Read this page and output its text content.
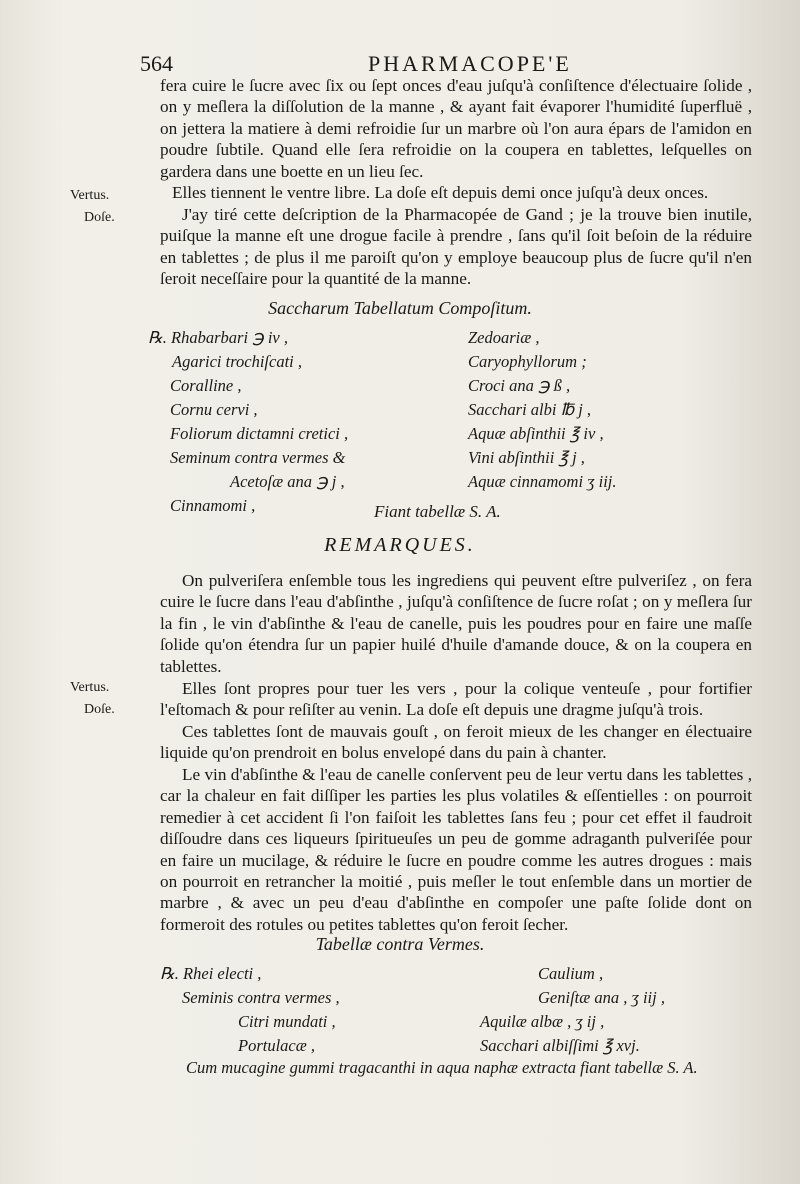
564	PHARMACOPE'E

fera cuire le ſucre avec ſix ou ſept onces d'eau juſqu'à conſiſtence d'électuaire ſolide , on y meſlera la diſſolution de la manne , & ayant fait évaporer l'humidité ſuperfluë , on jettera la matiere à demi refroidie ſur un marbre où l'on aura épars de l'amidon en poudre ſubtile. Quand elle ſera refroidie on la coupera en tablettes, leſquelles on gardera dans une boette en un lieu ſec.

Vertus.
Doſe.

Elles tiennent le ventre libre. La doſe eſt depuis demi once juſqu'à deux onces.

J'ay tiré cette deſcription de la Pharmacopée de Gand ; je la trouve bien inutile, puiſque la manne eſt une drogue facile à prendre , ſans qu'il ſoit beſoin de la réduire en tablettes ; de plus il me paroiſt qu'on y employe beaucoup plus de ſucre qu'il n'en ſeroit neceſſaire pour la quantité de la manne.

Saccharum Tabellatum Compoſitum.
℞. Rhabarbari ℈ iv ,
Agarici trochiſcati ,
Coralline ,
Cornu cervi ,
Foliorum dictamni cretici ,
Seminum contra vermes &
Acetoſæ ana ℈ j ,
Cinnamomi ,
Zedoariæ ,
Caryophyllorum ;
Croci ana ℈ ß ,
Sacchari albi ℔ j ,
Aquæ abſinthii ℥ iv ,
Vini abſinthii ℥ j ,
Aquæ cinnamomi ʒ iij.
Fiant tabellæ S. A.
REMARQUES.

On pulveriſera enſemble tous les ingrediens qui peuvent eſtre pulveriſez , on fera cuire le ſucre dans l'eau d'abſinthe , juſqu'à conſiſtence de ſucre roſat ; on y meſlera ſur la fin , le vin d'abſinthe & l'eau de canelle, puis les poudres pour en faire une maſſe ſolide qu'on étendra ſur un papier huilé d'huile d'amande douce, & on la coupera en tablettes.

Vertus.
Doſe.

Elles ſont propres pour tuer les vers , pour la colique venteuſe , pour fortifier l'eſtomach & pour reſiſter au venin. La doſe eſt depuis une dragme juſqu'à trois.

Ces tablettes ſont de mauvais gouſt , on feroit mieux de les changer en électuaire liquide qu'on prendroit en bolus envelopé dans du pain à chanter.

Le vin d'abſinthe & l'eau de canelle conſervent peu de leur vertu dans les tablettes , car la chaleur en fait diſſiper les parties les plus volatiles & eſſentielles : on pourroit remedier à cet accident ſi l'on faiſoit les tablettes ſans feu ; pour cet effet il faudroit diſſoudre dans ces liqueurs ſpiritueuſes un peu de gomme adraganth pulveriſée pour en faire un mucilage, & réduire le ſucre en poudre comme les autres drogues : mais on pourroit en retrancher la moitié , puis meſler le tout enſemble dans un mortier de marbre , & avec un peu d'eau d'abſinthe en compoſer une paſte ſolide dont on formeroit des rotules ou petites tablettes qu'on feroit ſecher.

Tabellæ contra Vermes.
℞. Rhei electi ,
Seminis contra vermes ,
Citri mundati ,
Portulacæ ,
Caulium ,
Geniſtæ ana , ʒ iij ,
Aquilæ albæ , ʒ ij ,
Sacchari albiſſimi ℥ xvj.
Cum mucagine gummi tragacanthi in aqua naphæ extracta fiant tabellæ S. A.
